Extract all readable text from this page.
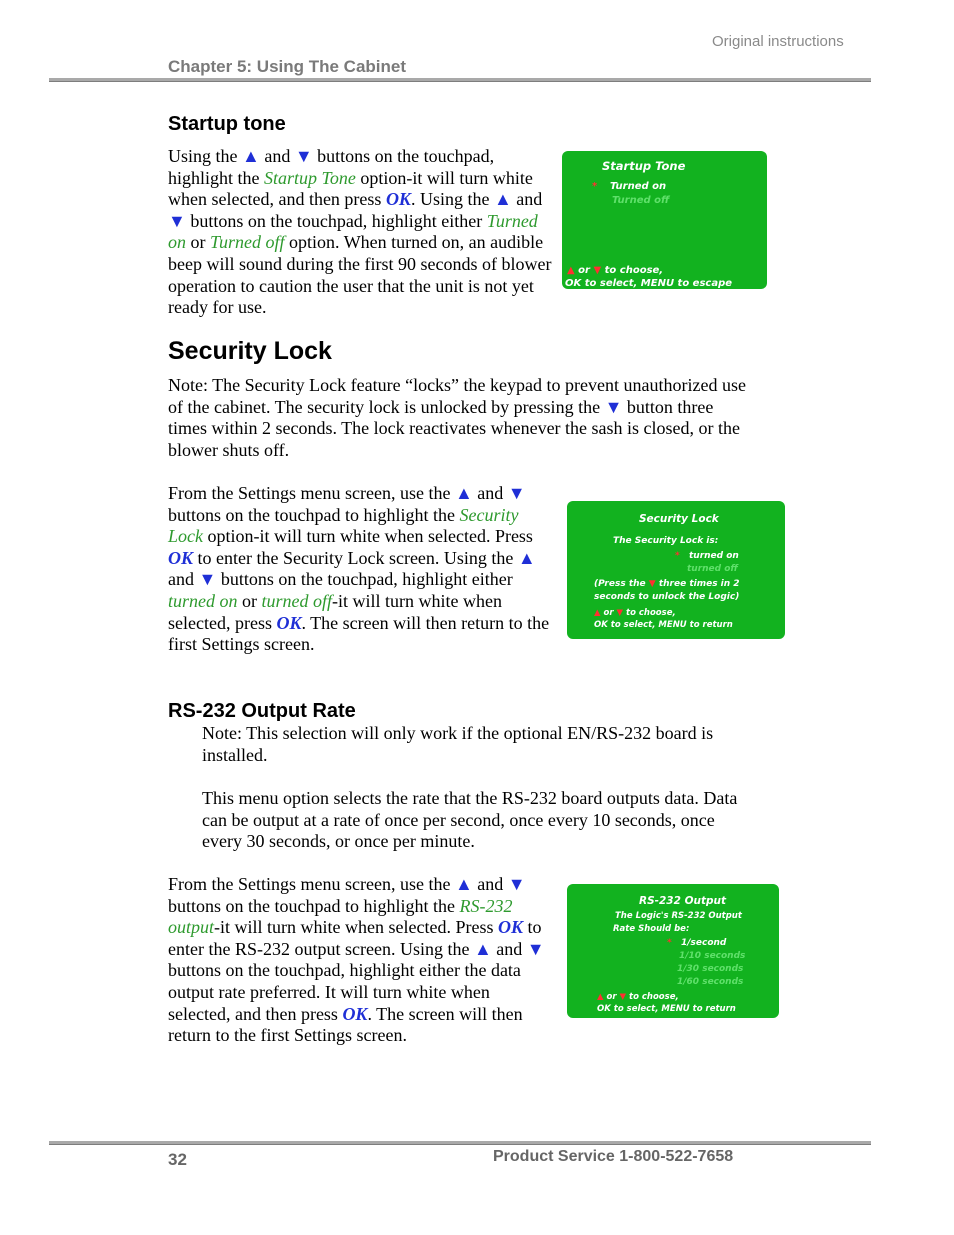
Original instructions
Chapter 5: Using The Cabinet
Startup tone
Using the ▲ and ▼ buttons on the touchpad, highlight the Startup Tone option-it will turn white when selected, and then press OK. Using the ▲ and ▼ buttons on the touchpad, highlight either Turned on or Turned off option. When turned on, an audible beep will sound during the first 90 seconds of blower operation to caution the user that the unit is not yet ready for use.
Startup Tone
* Turned on
Turned off
▲ or ▼ to choose,
OK to select, MENU to escape
Security Lock
Note: The Security Lock feature “locks” the keypad to prevent unauthorized use of the cabinet. The security lock is unlocked by pressing the ▼ button three times within 2 seconds. The lock reactivates whenever the sash is closed, or the blower shuts off.
From the Settings menu screen, use the ▲ and ▼ buttons on the touchpad to highlight the Security Lock option-it will turn white when selected. Press OK to enter the Security Lock screen. Using the ▲ and ▼ buttons on the touchpad, highlight either turned on or turned off-it will turn white when selected, press OK. The screen will then return to the first Settings screen.
Security Lock
The Security Lock is:
* turned on
turned off
(Press the ▼ three times in 2
seconds to unlock the Logic)
▲ or ▼ to choose,
OK to select, MENU to return
RS-232 Output Rate
Note: This selection will only work if the optional EN/RS-232 board is installed.
This menu option selects the rate that the RS-232 board outputs data. Data can be output at a rate of once per second, once every 10 seconds, once every 30 seconds, or once per minute.
From the Settings menu screen, use the ▲ and ▼ buttons on the touchpad to highlight the RS-232 output-it will turn white when selected. Press OK to enter the RS-232 output screen. Using the ▲ and ▼ buttons on the touchpad, highlight either the data output rate preferred. It will turn white when selected, and then press OK. The screen will then return to the first Settings screen.
RS-232 Output
The Logic's RS-232 Output
Rate Should be:
* 1/second
1/10 seconds
1/30 seconds
1/60 seconds
▲ or ▼ to choose,
OK to select, MENU to return
32	Product Service 1-800-522-7658
